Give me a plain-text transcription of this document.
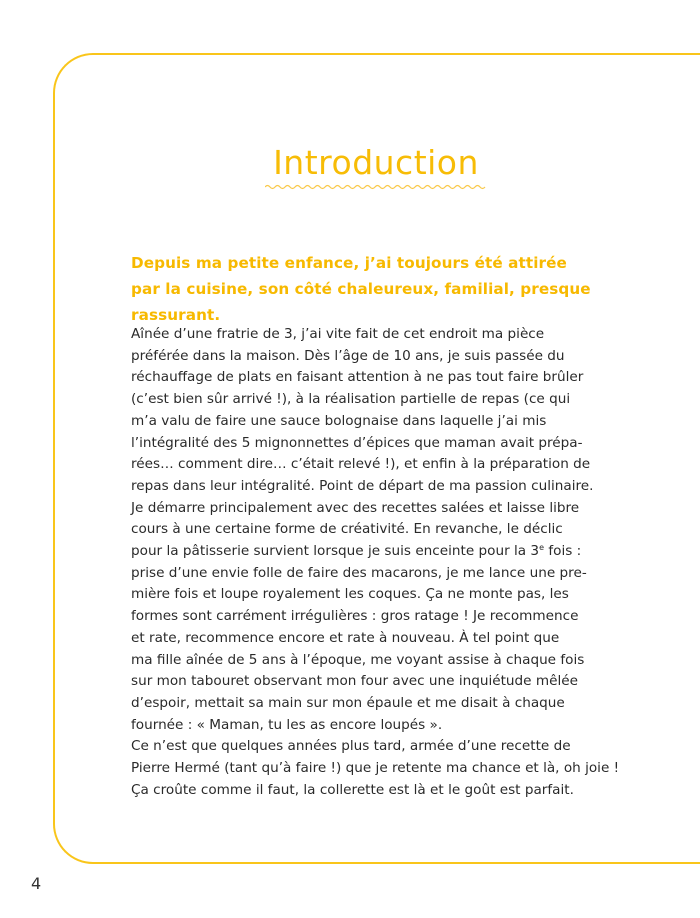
Introduction

Depuis ma petite enfance, j’ai toujours été attirée
par la cuisine, son côté chaleureux, familial, presque
rassurant.

Aînée d’une fratrie de 3, j’ai vite fait de cet endroit ma pièce
préférée dans la maison. Dès l’âge de 10 ans, je suis passée du
réchauffage de plats en faisant attention à ne pas tout faire brûler
(c’est bien sûr arrivé !), à la réalisation partielle de repas (ce qui
m’a valu de faire une sauce bolognaise dans laquelle j’ai mis
l’intégralité des 5 mignonnettes d’épices que maman avait prépa-
rées… comment dire… c’était relevé !), et enfin à la préparation de
repas dans leur intégralité. Point de départ de ma passion culinaire.
Je démarre principalement avec des recettes salées et laisse libre
cours à une certaine forme de créativité. En revanche, le déclic
pour la pâtisserie survient lorsque je suis enceinte pour la 3e fois :
prise d’une envie folle de faire des macarons, je me lance une pre-
mière fois et loupe royalement les coques. Ça ne monte pas, les
formes sont carrément irrégulières : gros ratage ! Je recommence
et rate, recommence encore et rate à nouveau. À tel point que
ma fille aînée de 5 ans à l’époque, me voyant assise à chaque fois
sur mon tabouret observant mon four avec une inquiétude mêlée
d’espoir, mettait sa main sur mon épaule et me disait à chaque
fournée : « Maman, tu les as encore loupés ».
Ce n’est que quelques années plus tard, armée d’une recette de
Pierre Hermé (tant qu’à faire !) que je retente ma chance et là, oh joie !
Ça croûte comme il faut, la collerette est là et le goût est parfait.

4
